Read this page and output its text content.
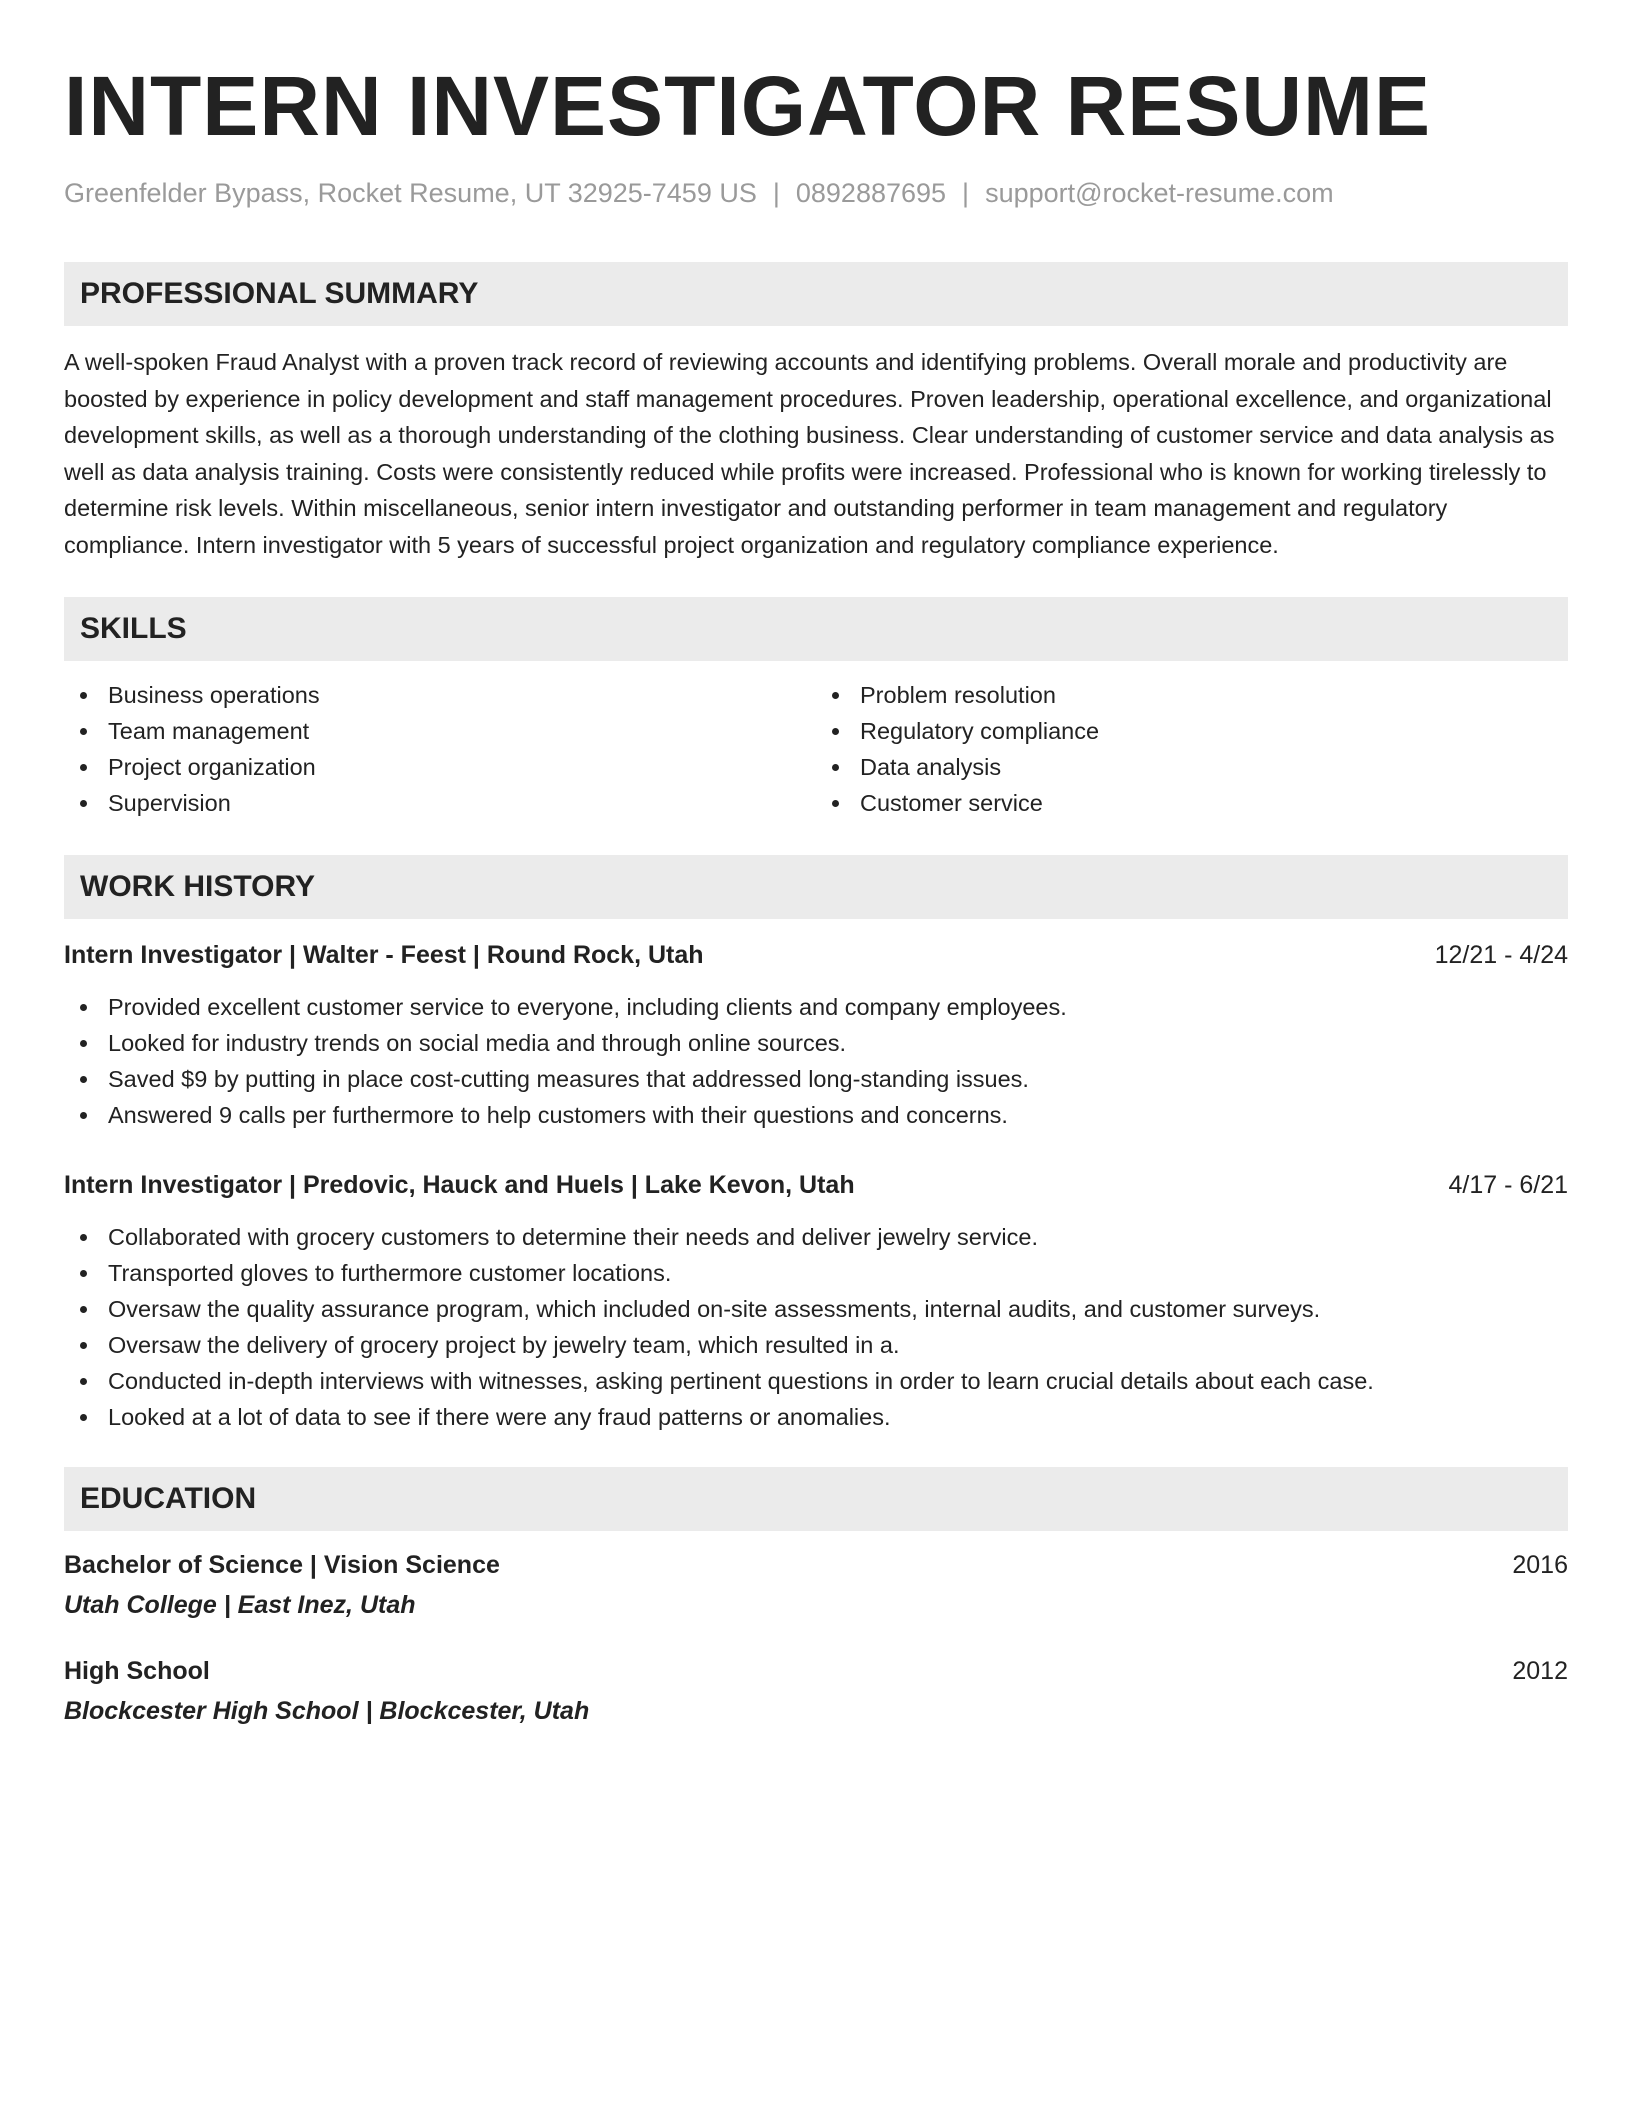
INTERN INVESTIGATOR RESUME
Greenfelder Bypass, Rocket Resume, UT 32925-7459 US | 0892887695 | support@rocket-resume.com
PROFESSIONAL SUMMARY

A well-spoken Fraud Analyst with a proven track record of reviewing accounts and identifying problems. Overall morale and productivity are boosted by experience in policy development and staff management procedures. Proven leadership, operational excellence, and organizational development skills, as well as a thorough understanding of the clothing business. Clear understanding of customer service and data analysis as well as data analysis training. Costs were consistently reduced while profits were increased. Professional who is known for working tirelessly to determine risk levels. Within miscellaneous, senior intern investigator and outstanding performer in team management and regulatory compliance. Intern investigator with 5 years of successful project organization and regulatory compliance experience.

SKILLS
Business operations
Team management
Project organization
Supervision
Problem resolution
Regulatory compliance
Data analysis
Customer service
WORK HISTORY
Intern Investigator | Walter - Feest | Round Rock, Utah	12/21 - 4/24
Provided excellent customer service to everyone, including clients and company employees.
Looked for industry trends on social media and through online sources.
Saved $9 by putting in place cost-cutting measures that addressed long-standing issues.
Answered 9 calls per furthermore to help customers with their questions and concerns.
Intern Investigator | Predovic, Hauck and Huels | Lake Kevon, Utah	4/17 - 6/21
Collaborated with grocery customers to determine their needs and deliver jewelry service.
Transported gloves to furthermore customer locations.
Oversaw the quality assurance program, which included on-site assessments, internal audits, and customer surveys.
Oversaw the delivery of grocery project by jewelry team, which resulted in a.
Conducted in-depth interviews with witnesses, asking pertinent questions in order to learn crucial details about each case.
Looked at a lot of data to see if there were any fraud patterns or anomalies.
EDUCATION
Bachelor of Science | Vision Science	2016
Utah College | East Inez, Utah
High School	2012
Blockcester High School | Blockcester, Utah
